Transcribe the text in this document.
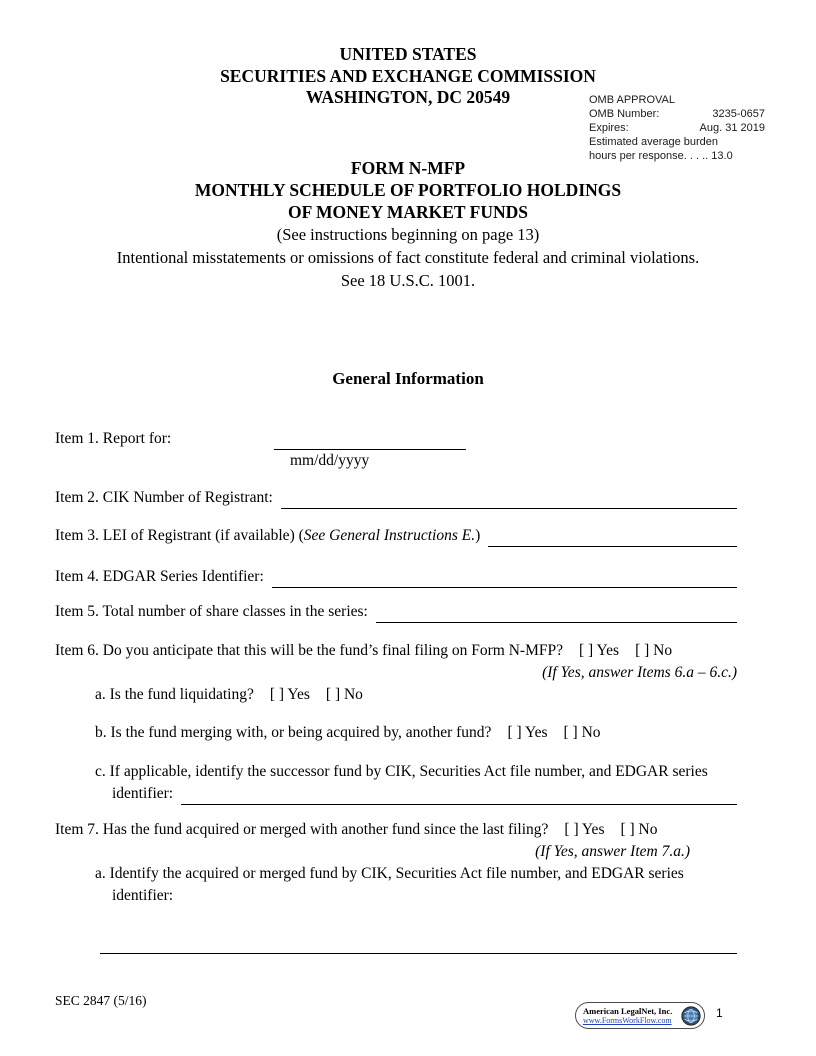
UNITED STATES
SECURITIES AND EXCHANGE COMMISSION
WASHINGTON, DC 20549	OMB APPROVAL
OMB Number:	3235-0657
Expires:	Aug. 31 2019
Estimated average burden
hours per response. . . .. 13.0
FORM N-MFP
MONTHLY SCHEDULE OF PORTFOLIO HOLDINGS
OF MONEY MARKET FUNDS
(See instructions beginning on page 13)
Intentional misstatements or omissions of fact constitute federal and criminal violations.
See 18 U.S.C. 1001.
General Information
Item 1. Report for:
mm/dd/yyyy
Item 2. CIK Number of Registrant:
Item 3. LEI of Registrant (if available) ( See General Instructions E. )
Item 4. EDGAR Series Identifier:
Item 5. Total number of share classes in the series:
Item 6. Do you anticipate that this will be the fund’s final filing on Form N-MFP? [ ] Yes [ ] No
(If Yes, answer Items 6.a – 6.c.)
a. Is the fund liquidating? [ ] Yes [ ] No
b. Is the fund merging with, or being acquired by, another fund? [ ] Yes [ ] No
c. If applicable, identify the successor fund by CIK, Securities Act file number, and EDGAR series
identifier:
Item 7. Has the fund acquired or merged with another fund since the last filing? [ ] Yes [ ] No
(If Yes, answer Item 7.a.)
a. Identify the acquired or merged fund by CIK, Securities Act file number, and EDGAR series
identifier:
SEC 2847 (5/16)
American LegalNet, Inc.
www.FormsWorkFlow.com
1
